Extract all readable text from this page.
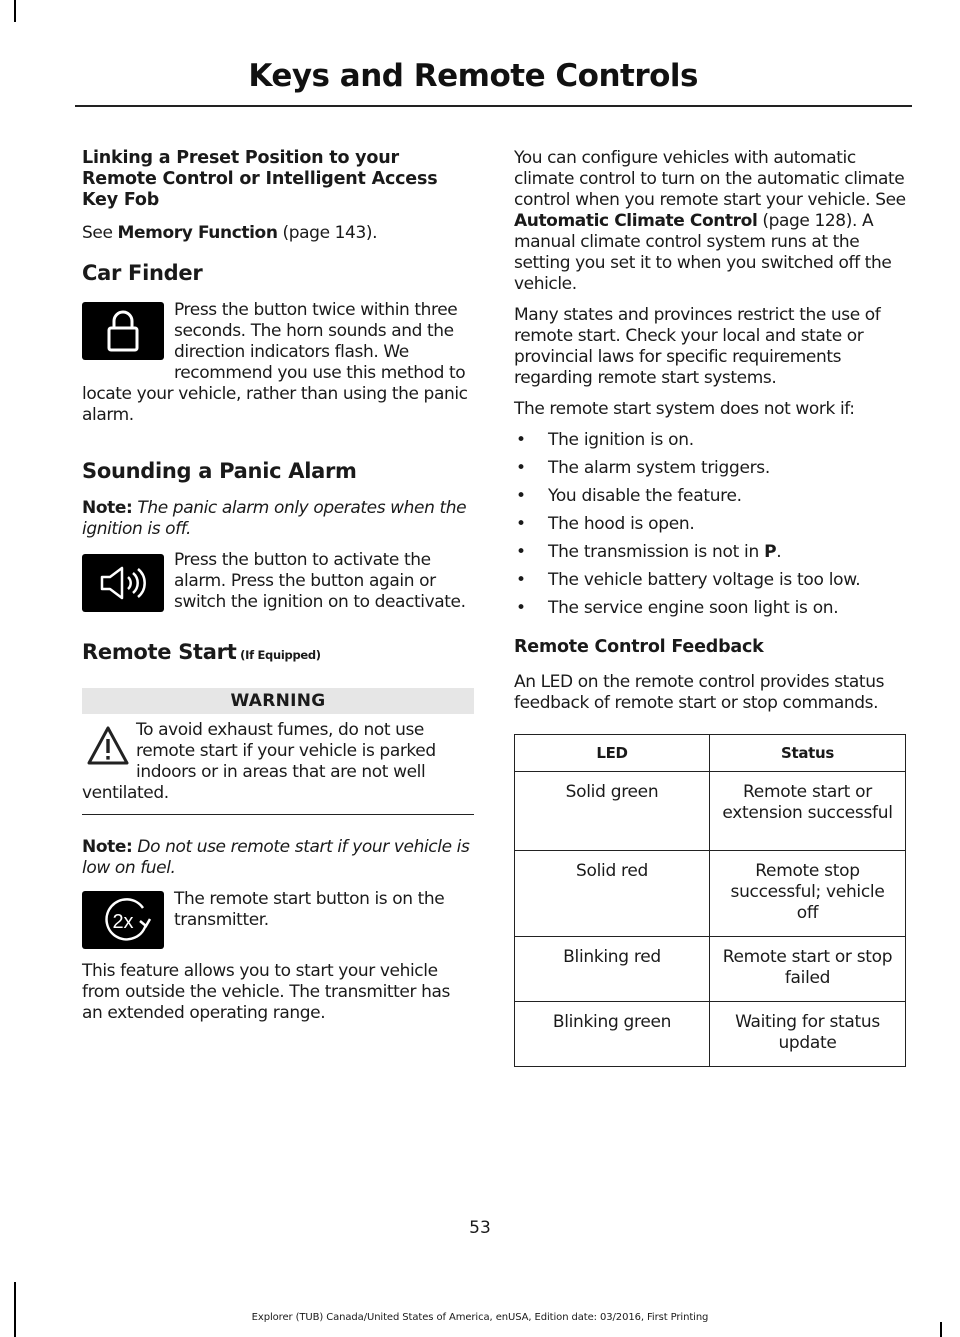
Keys and Remote Controls
Linking a Preset Position to your Remote Control or Intelligent Access Key Fob

See Memory Function (page 143).

Car Finder

Press the button twice within three seconds. The horn sounds and the direction indicators flash. We recommend you use this method to locate your vehicle, rather than using the panic alarm.

Sounding a Panic Alarm

Note: The panic alarm only operates when the ignition is off.

Press the button to activate the alarm. Press the button again or switch the ignition on to deactivate.

Remote Start (If Equipped)
WARNING

To avoid exhaust fumes, do not use remote start if your vehicle is parked indoors or in areas that are not well ventilated.

Note: Do not use remote start if your vehicle is low on fuel.

2x

The remote start button is on the transmitter.

This feature allows you to start your vehicle from outside the vehicle. The transmitter has an extended operating range.

You can configure vehicles with automatic climate control to turn on the automatic climate control when you remote start your vehicle. See Automatic Climate Control (page 128). A manual climate control system runs at the setting you set it to when you switched off the vehicle.

Many states and provinces restrict the use of remote start. Check your local and state or provincial laws for specific requirements regarding remote start systems.

The remote start system does not work if:

• The ignition is on.
• The alarm system triggers.
• You disable the feature.
• The hood is open.
• The transmission is not in P.
• The vehicle battery voltage is too low.
• The service engine soon light is on.
Remote Control Feedback

An LED on the remote control provides status feedback of remote start or stop commands.

LED	Status
Solid green	Remote start or extension successful
Solid red	Remote stop successful; vehicle off
Blinking red	Remote start or stop failed
Blinking green	Waiting for status update
53
Explorer (TUB) Canada/United States of America, enUSA, Edition date: 03/2016, First Printing
